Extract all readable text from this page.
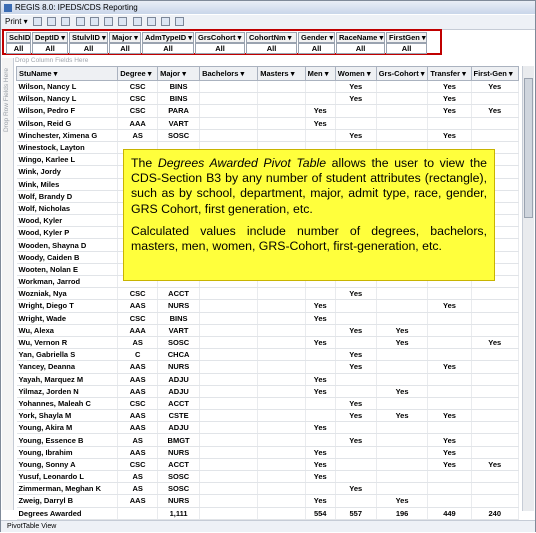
REGIS 8.0: IPEDS/CDS Reporting
Print ▾
SchID
All
DeptID ▾
All
StulvlID ▾
All
Major ▾
All
AdmTypeID ▾
All
GrsCohort ▾
All
CohortNm ▾
All
Gender ▾
All
RaceName ▾
All
FirstGen ▾
All
Drop Row Fields Here
Drop Column Fields Here
StuName ▾	Degree ▾	Major ▾	Bachelors ▾	Masters ▾	Men ▾	Women ▾	Grs-Cohort ▾	Transfer ▾	First-Gen ▾
Wilson, Nancy L	CSC	BINS				Yes		Yes	Yes
Wilson, Nancy L	CSC	BINS				Yes		Yes	
Wilson, Pedro F	CSC	PARA			Yes			Yes	Yes
Wilson, Reid G	AAA	VART			Yes				
Winchester, Ximena G	AS	SOSC				Yes		Yes	
Winestock, Layton									
Wingo, Karlee L									
Wink, Jordy									
Wink, Miles									
Wolf, Brandy D									
Wolf, Nicholas									
Wood, Kyler									
Wood, Kyler P									
Wooden, Shayna D									
Woody, Caiden B									
Wooten, Nolan E									
Workman, Jarrod									
Wozniak, Nya	CSC	ACCT				Yes			
Wright, Diego T	AAS	NURS			Yes			Yes	
Wright, Wade	CSC	BINS			Yes				
Wu, Alexa	AAA	VART				Yes	Yes		
Wu, Vernon R	AS	SOSC			Yes		Yes		Yes
Yan, Gabriella S	C	CHCA				Yes			
Yancey, Deanna	AAS	NURS				Yes		Yes	
Yayah, Marquez M	AAS	ADJU			Yes				
Yilmaz, Jorden N	AAS	ADJU			Yes		Yes		
Yohannes, Maleah C	CSC	ACCT				Yes			
York, Shayla M	AAS	CSTE				Yes	Yes	Yes	
Young, Akira M	AAS	ADJU			Yes				
Young, Essence B	AS	BMGT				Yes		Yes	
Young, Ibrahim	AAS	NURS			Yes			Yes	
Young, Sonny A	CSC	ACCT			Yes			Yes	Yes
Yusuf, Leonardo L	AS	SOSC			Yes				
Zimmerman, Meghan K	AS	SOSC				Yes			
Zweig, Darryl B	AAS	NURS			Yes		Yes		
Degrees Awarded		1,111			554	557	196	449	240
PivotTable View

The Degrees Awarded Pivot Table allows the user to view the CDS-Section B3 by any number of student attributes (rectangle), such as by school, department, major, admit type, race, gender, GRS Cohort, first generation, etc.

Calculated values include number of degrees, bachelors, masters, men, women, GRS-Cohort, first-generation, etc.
